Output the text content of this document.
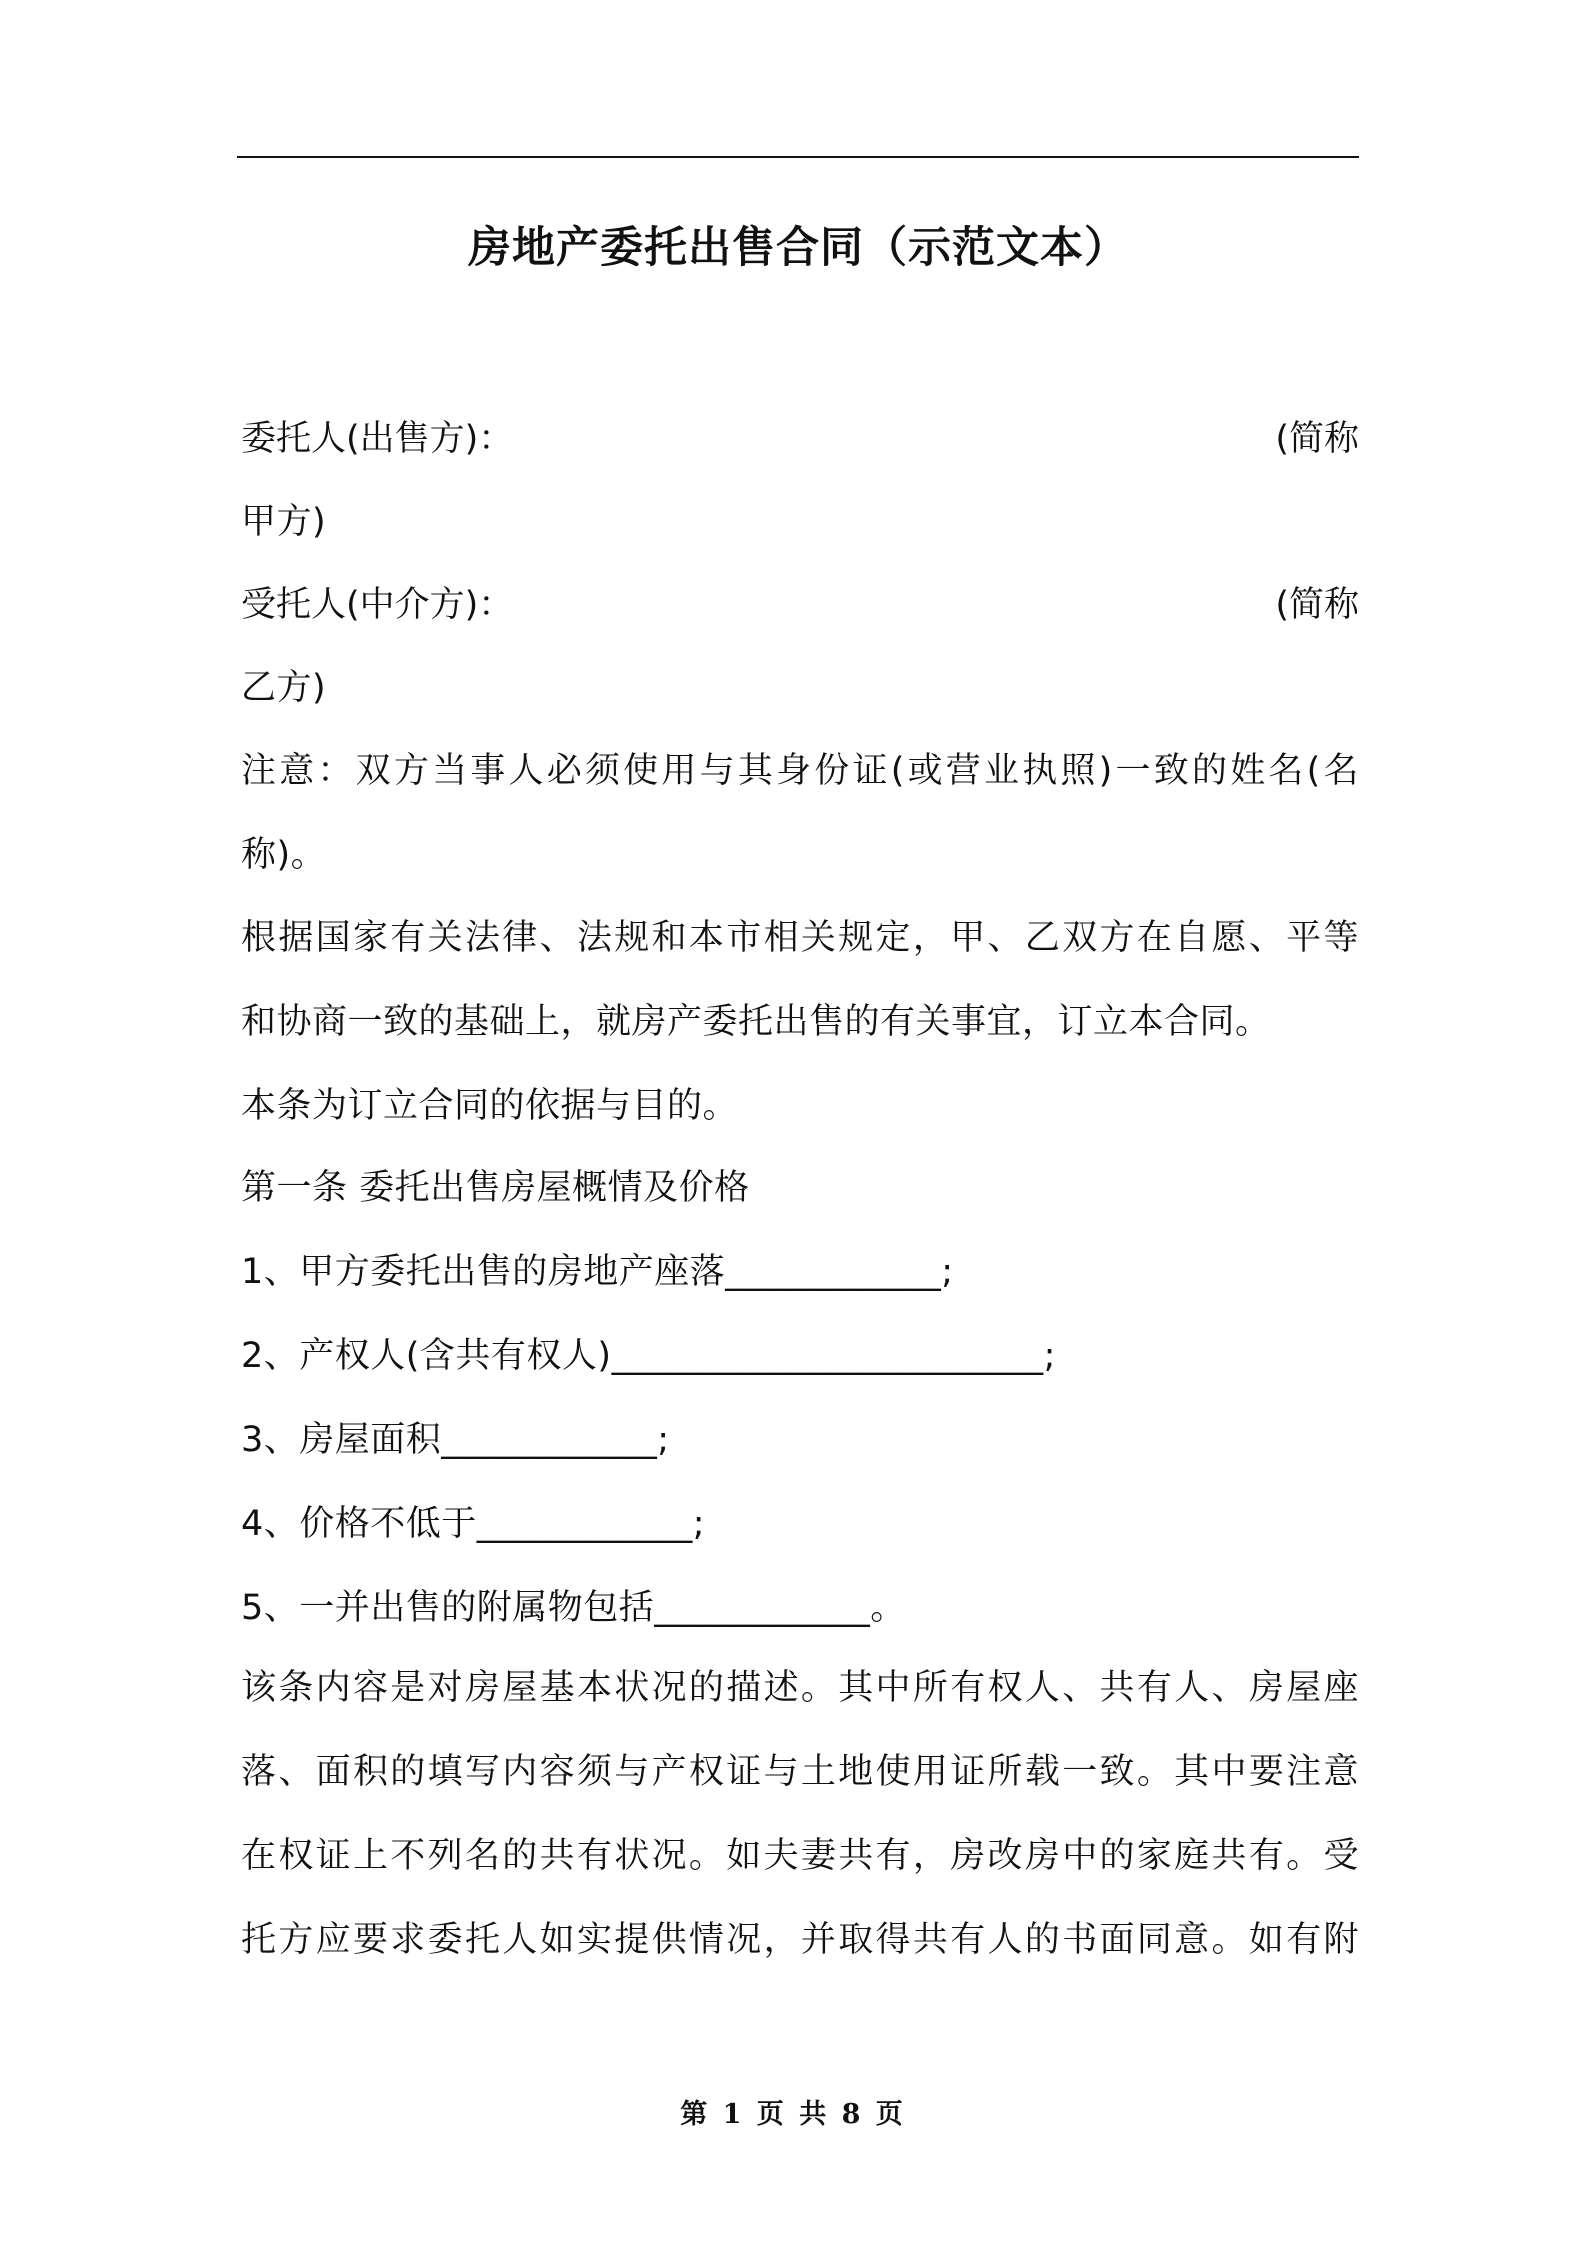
房地产委托出售合同（示范文本）
委托人(出售方)：	(简称
甲方)
受托人(中介方)：	(简称
乙方)
注意：双方当事人必须使用与其身份证(或营业执照)一致的姓名(名
称)。
根据国家有关法律、法规和本市相关规定，甲、乙双方在自愿、平等
和协商一致的基础上，就房产委托出售的有关事宜，订立本合同。
本条为订立合同的依据与目的。
第一条 委托出售房屋概情及价格
1、甲方委托出售的房地产座落____________;
2、产权人(含共有权人)________________________;
3、房屋面积____________;
4、价格不低于____________;
5、一并出售的附属物包括____________。
该条内容是对房屋基本状况的描述。其中所有权人、共有人、房屋座
落、面积的填写内容须与产权证与土地使用证所载一致。其中要注意
在权证上不列名的共有状况。如夫妻共有，房改房中的家庭共有。受
托方应要求委托人如实提供情况，并取得共有人的书面同意。如有附
第 1 页 共 8 页
